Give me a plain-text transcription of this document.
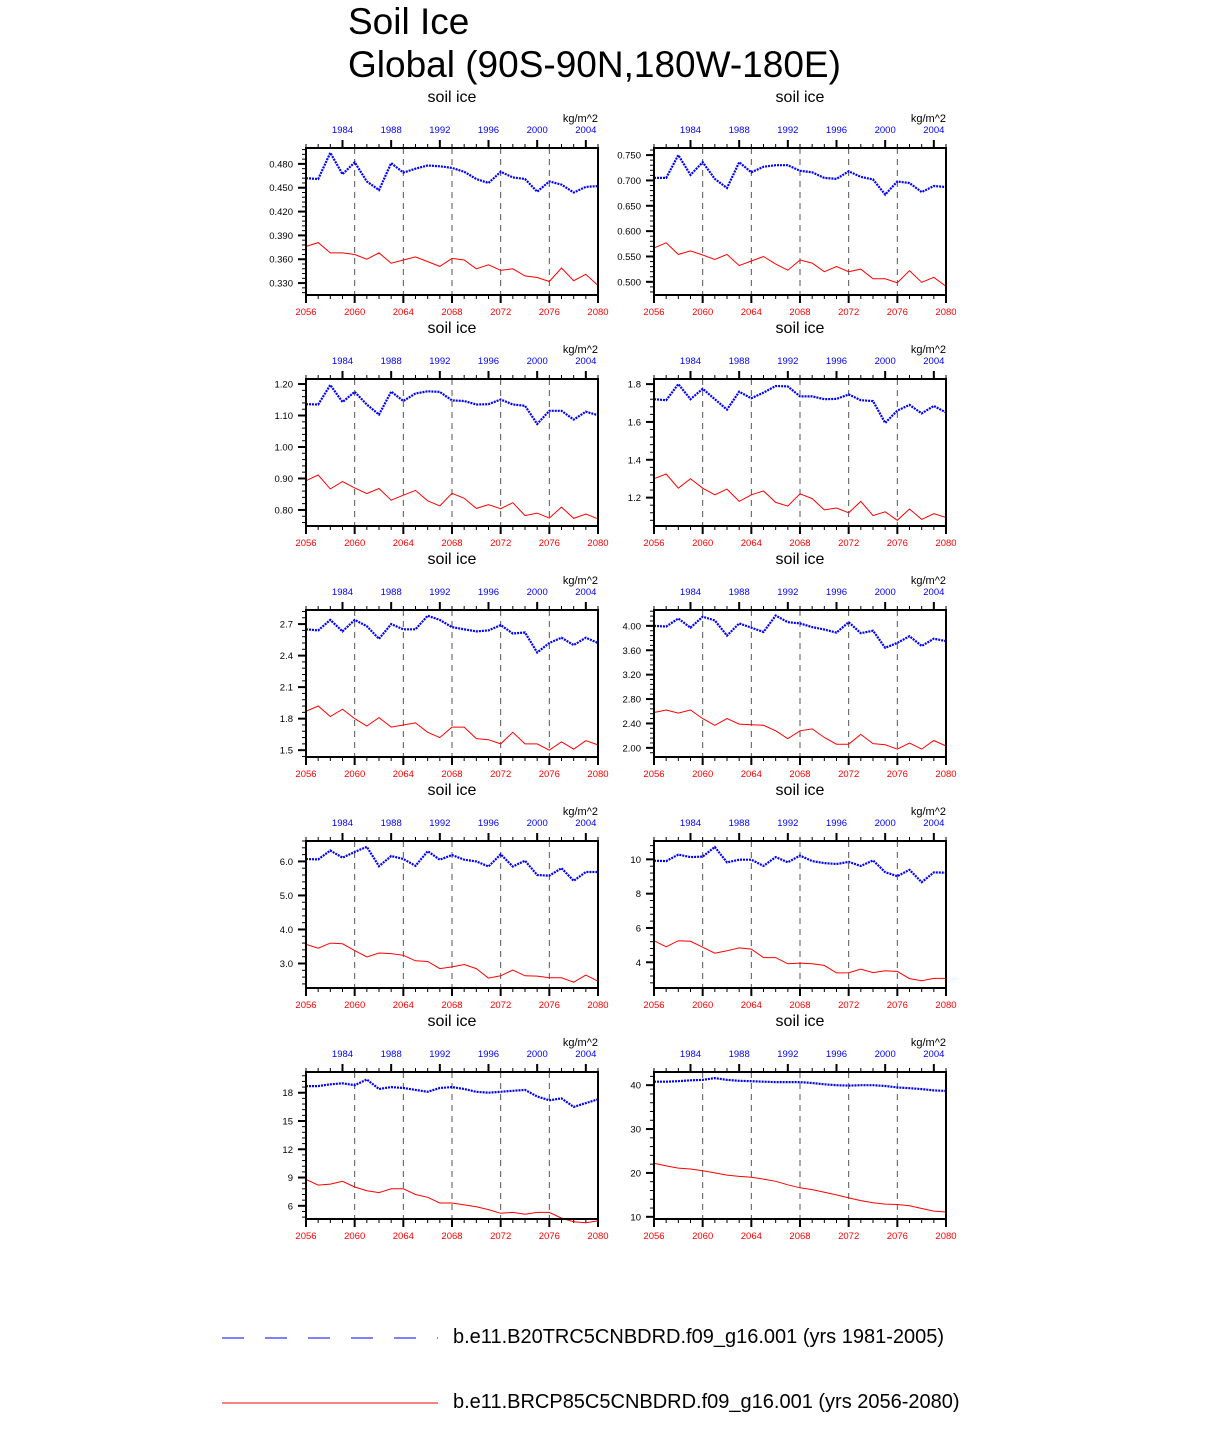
Soil Ice
Global (90S-90N,180W-180E)
soil ice
kg/m^2
2056	2060	2064	2068	2072	2076	2080
1984	1988	1992	1996	2000	2004
0.330
0.360
0.390
0.420
0.450
0.480
soil ice
kg/m^2
2056	2060	2064	2068	2072	2076	2080
1984	1988	1992	1996	2000	2004
0.500
0.550
0.600
0.650
0.700
0.750
soil ice
kg/m^2
2056	2060	2064	2068	2072	2076	2080
1984	1988	1992	1996	2000	2004
0.80
0.90
1.00
1.10
1.20
soil ice
kg/m^2
2056	2060	2064	2068	2072	2076	2080
1984	1988	1992	1996	2000	2004
1.2
1.4
1.6
1.8
soil ice
kg/m^2
2056	2060	2064	2068	2072	2076	2080
1984	1988	1992	1996	2000	2004
1.5
1.8
2.1
2.4
2.7
soil ice
kg/m^2
2056	2060	2064	2068	2072	2076	2080
1984	1988	1992	1996	2000	2004
2.00
2.40
2.80
3.20
3.60
4.00
soil ice
kg/m^2
2056	2060	2064	2068	2072	2076	2080
1984	1988	1992	1996	2000	2004
3.0
4.0
5.0
6.0
soil ice
kg/m^2
2056	2060	2064	2068	2072	2076	2080
1984	1988	1992	1996	2000	2004
4
6
8
10
soil ice
kg/m^2
2056	2060	2064	2068	2072	2076	2080
1984	1988	1992	1996	2000	2004
6
9
12
15
18
soil ice
kg/m^2
2056	2060	2064	2068	2072	2076	2080
1984	1988	1992	1996	2000	2004
10
20
30
40
b.e11.B20TRC5CNBDRD.f09_g16.001 (yrs 1981-2005)
b.e11.BRCP85C5CNBDRD.f09_g16.001 (yrs 2056-2080)
